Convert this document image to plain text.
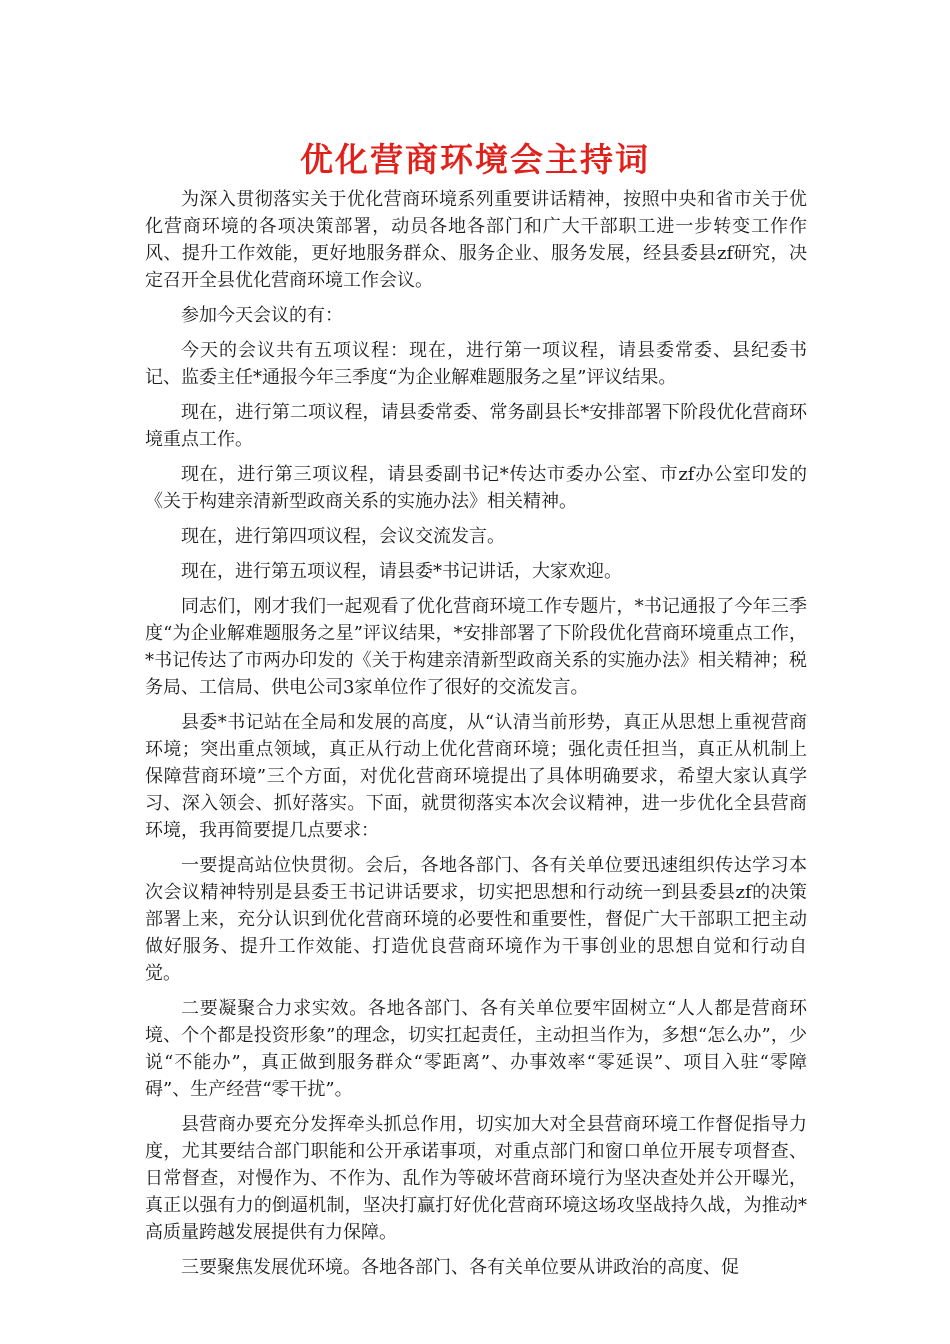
优化营商环境会主持词

为深入贯彻落实关于优化营商环境系列重要讲话精神，按照中央和省市关于优化营商环境的各项决策部署，动员各地各部门和广大干部职工进一步转变工作作风、提升工作效能，更好地服务群众、服务企业、服务发展，经县委县zf研究，决定召开全县优化营商环境工作会议。

参加今天会议的有：

今天的会议共有五项议程：现在，进行第一项议程，请县委常委、县纪委书记、监委主任*通报今年三季度“为企业解难题服务之星”评议结果。

现在，进行第二项议程，请县委常委、常务副县长*安排部署下阶段优化营商环境重点工作。

现在，进行第三项议程，请县委副书记*传达市委办公室、市zf办公室印发的《关于构建亲清新型政商关系的实施办法》相关精神。

现在，进行第四项议程，会议交流发言。

现在，进行第五项议程，请县委*书记讲话，大家欢迎。

同志们，刚才我们一起观看了优化营商环境工作专题片，*书记通报了今年三季度“为企业解难题服务之星”评议结果，*安排部署了下阶段优化营商环境重点工作，*书记传达了市两办印发的《关于构建亲清新型政商关系的实施办法》相关精神；税务局、工信局、供电公司3家单位作了很好的交流发言。

县委*书记站在全局和发展的高度，从“认清当前形势，真正从思想上重视营商环境；突出重点领域，真正从行动上优化营商环境；强化责任担当，真正从机制上保障营商环境”三个方面，对优化营商环境提出了具体明确要求，希望大家认真学习、深入领会、抓好落实。下面，就贯彻落实本次会议精神，进一步优化全县营商环境，我再简要提几点要求：

一要提高站位快贯彻。会后，各地各部门、各有关单位要迅速组织传达学习本次会议精神特别是县委王书记讲话要求，切实把思想和行动统一到县委县zf的决策部署上来，充分认识到优化营商环境的必要性和重要性，督促广大干部职工把主动做好服务、提升工作效能、打造优良营商环境作为干事创业的思想自觉和行动自觉。

二要凝聚合力求实效。各地各部门、各有关单位要牢固树立“人人都是营商环境、个个都是投资形象”的理念，切实扛起责任，主动担当作为，多想“怎么办”，少说“不能办”，真正做到服务群众“零距离”、办事效率“零延误”、项目入驻“零障碍”、生产经营“零干扰”。

县营商办要充分发挥牵头抓总作用，切实加大对全县营商环境工作督促指导力度，尤其要结合部门职能和公开承诺事项，对重点部门和窗口单位开展专项督查、日常督查，对慢作为、不作为、乱作为等破坏营商环境行为坚决查处并公开曝光，真正以强有力的倒逼机制，坚决打赢打好优化营商环境这场攻坚战持久战，为推动*高质量跨越发展提供有力保障。

三要聚焦发展优环境。各地各部门、各有关单位要从讲政治的高度、促
